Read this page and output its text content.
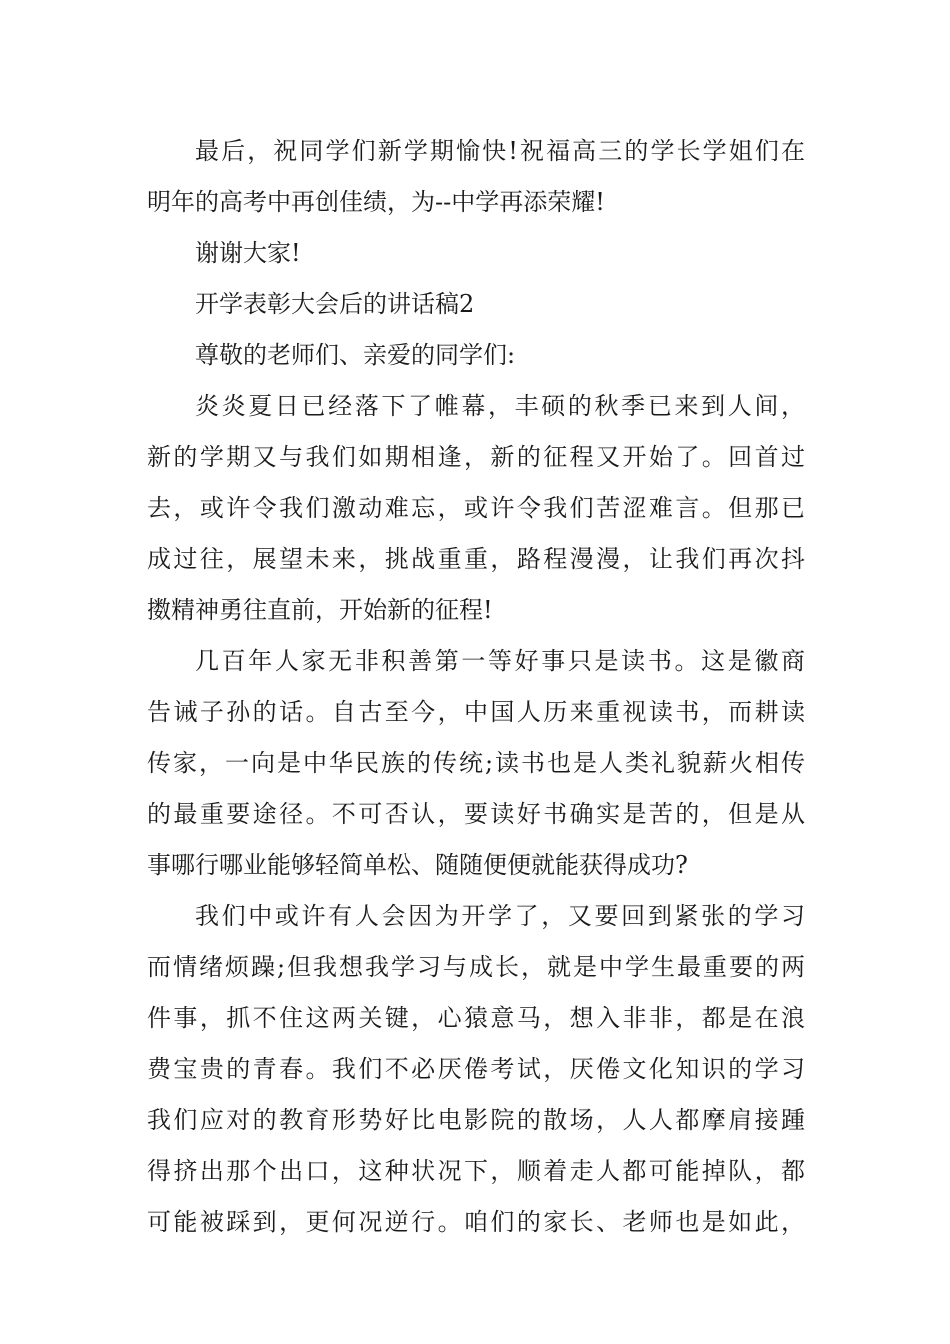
最后，祝同学们新学期愉快!祝福高三的学长学姐们在
明年的高考中再创佳绩，为--中学再添荣耀!
谢谢大家!
开学表彰大会后的讲话稿2
尊敬的老师们、亲爱的同学们:
炎炎夏日已经落下了帷幕，丰硕的秋季已来到人间，
新的学期又与我们如期相逢，新的征程又开始了。回首过
去，或许令我们激动难忘，或许令我们苦涩难言。但那已
成过往，展望未来，挑战重重，路程漫漫，让我们再次抖
擞精神勇往直前，开始新的征程!
几百年人家无非积善第一等好事只是读书。这是徽商
告诫子孙的话。自古至今，中国人历来重视读书，而耕读
传家，一向是中华民族的传统;读书也是人类礼貌薪火相传
的最重要途径。不可否认，要读好书确实是苦的，但是从
事哪行哪业能够轻简单松、随随便便就能获得成功?
我们中或许有人会因为开学了，又要回到紧张的学习
而情绪烦躁;但我想我学习与成长，就是中学生最重要的两
件事，抓不住这两关键，心猿意马，想入非非，都是在浪
费宝贵的青春。我们不必厌倦考试，厌倦文化知识的学习
我们应对的教育形势好比电影院的散场，人人都摩肩接踵
得挤出那个出口，这种状况下，顺着走人都可能掉队，都
可能被踩到，更何况逆行。咱们的家长、老师也是如此，
